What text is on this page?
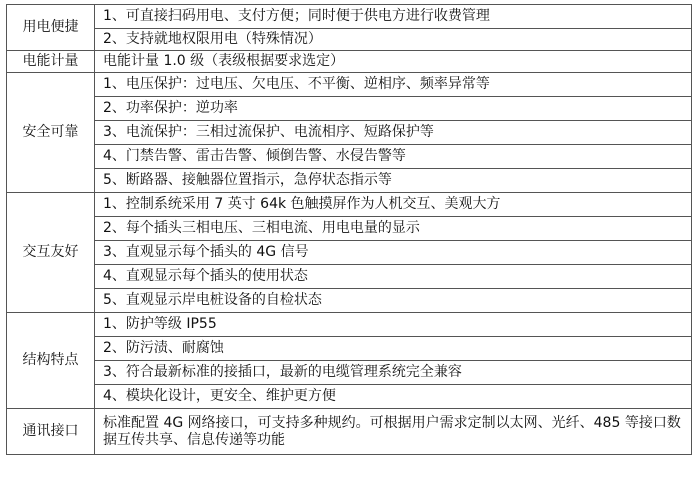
用电便捷	1、可直接扫码用电、支付方便；同时便于供电方进行收费管理
	2、支持就地权限用电（特殊情况）
电能计量	电能计量 1.0 级（表级根据要求选定）
安全可靠	1、电压保护：过电压、欠电压、不平衡、逆相序、频率异常等
	2、功率保护：逆功率
	3、电流保护：三相过流保护、电流相序、短路保护等
	4、门禁告警、雷击告警、倾倒告警、水侵告警等
	5、断路器、接触器位置指示，急停状态指示等
交互友好	1、控制系统采用 7 英寸 64k 色触摸屏作为人机交互、美观大方
	2、每个插头三相电压、三相电流、用电电量的显示
	3、直观显示每个插头的 4G 信号
	4、直观显示每个插头的使用状态
	5、直观显示岸电桩设备的自检状态
结构特点	1、防护等级 IP55
	2、防污渍、耐腐蚀
	3、符合最新标准的接插口，最新的电缆管理系统完全兼容
	4、模块化设计，更安全、维护更方便
通讯接口	标准配置 4G 网络接口，可支持多种规约。可根据用户需求定制以太网、光纤、485 等接口数据互传共享、信息传递等功能
